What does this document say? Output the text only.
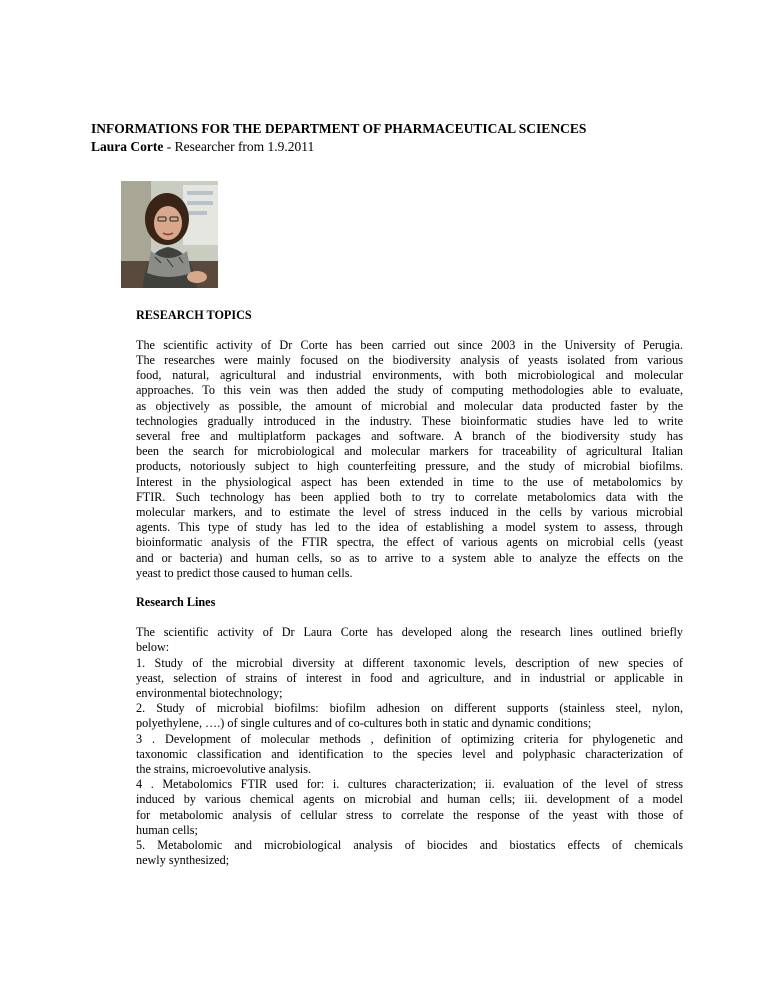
INFORMATIONS FOR THE DEPARTMENT OF PHARMACEUTICAL SCIENCES
Laura Corte - Researcher from 1.9.2011

RESEARCH TOPICS

The scientific activity of Dr Corte has been carried out since 2003 in the University of Perugia.
The researches were mainly focused on the biodiversity analysis of yeasts isolated from various
food, natural, agricultural and industrial environments, with both microbiological and molecular
approaches. To this vein was then added the study of computing methodologies able to evaluate,
as objectively as possible, the amount of microbial and molecular data producted faster by the
technologies gradually introduced in the industry. These bioinformatic studies have led to write
several free and multiplatform packages and software. A branch of the biodiversity study has
been the search for microbiological and molecular markers for traceability of agricultural Italian
products, notoriously subject to high counterfeiting pressure, and the study of microbial biofilms.
Interest in the physiological aspect has been extended in time to the use of metabolomics by
FTIR. Such technology has been applied both to try to correlate metabolomics data with the
molecular markers, and to estimate the level of stress induced in the cells by various microbial
agents. This type of study has led to the idea of establishing a model system to assess, through
bioinformatic analysis of the FTIR spectra, the effect of various agents on microbial cells (yeast
and or bacteria) and human cells, so as to arrive to a system able to analyze the effects on the
yeast to predict those caused to human cells.

Research Lines

The scientific activity of Dr Laura Corte has developed along the research lines outlined briefly
below:
1. Study of the microbial diversity at different taxonomic levels, description of new species of
yeast, selection of strains of interest in food and agriculture, and in industrial or applicable in
environmental biotechnology;
2. Study of microbial biofilms: biofilm adhesion on different supports (stainless steel, nylon,
polyethylene, ….) of single cultures and of co-cultures both in static and dynamic conditions;
3 . Development of molecular methods , definition of optimizing criteria for phylogenetic and
taxonomic classification and identification to the species level and polyphasic characterization of
the strains, microevolutive analysis.
4 . Metabolomics FTIR used for: i. cultures characterization; ii. evaluation of the level of stress
induced by various chemical agents on microbial and human cells; iii. development of a model
for metabolomic analysis of cellular stress to correlate the response of the yeast with those of
human cells;
5. Metabolomic and microbiological analysis of biocides and biostatics effects of chemicals
newly synthesized;
